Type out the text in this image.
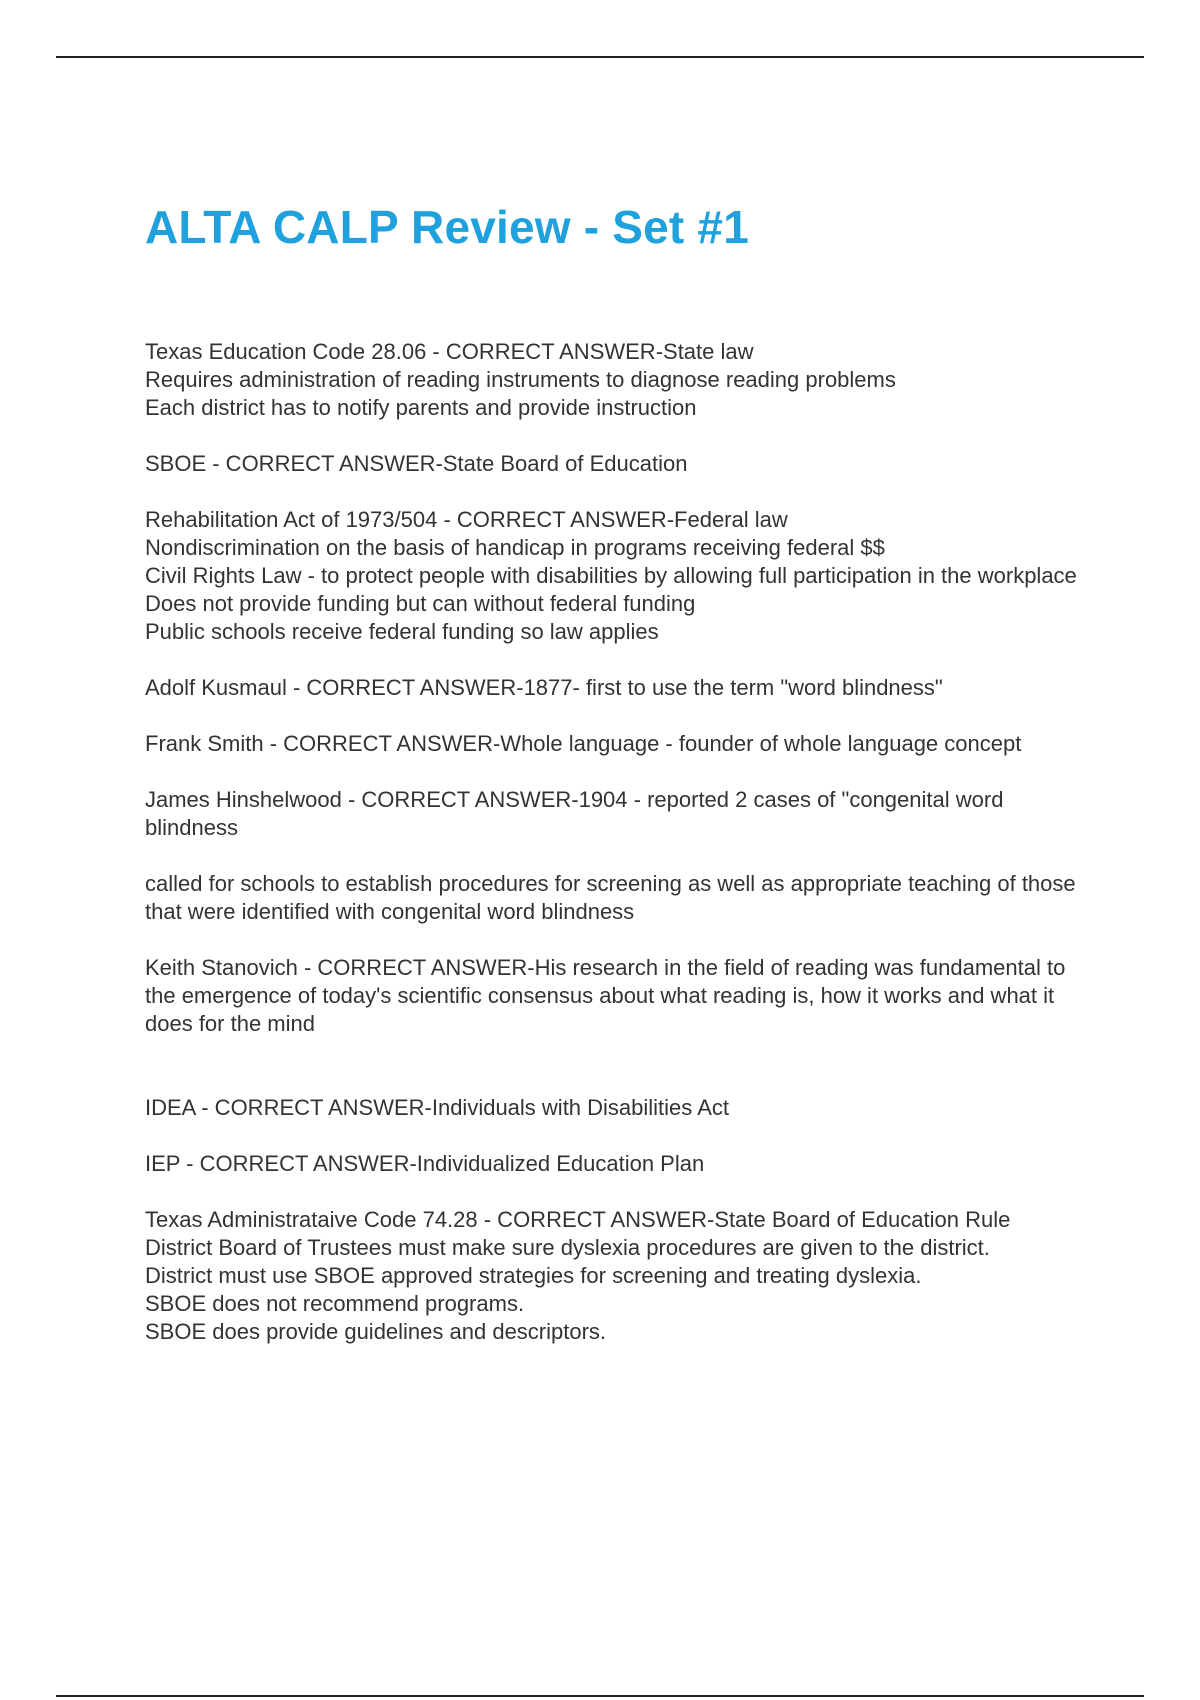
ALTA CALP Review - Set #1
Texas Education Code 28.06 - CORRECT ANSWER-State law
Requires administration of reading instruments to diagnose reading problems
Each district has to notify parents and provide instruction
SBOE - CORRECT ANSWER-State Board of Education
Rehabilitation Act of 1973/504 - CORRECT ANSWER-Federal law
Nondiscrimination on the basis of handicap in programs receiving federal $$
Civil Rights Law - to protect people with disabilities by allowing full participation in the workplace
Does not provide funding but can without federal funding
Public schools receive federal funding so law applies
Adolf Kusmaul - CORRECT ANSWER-1877- first to use the term "word blindness"
Frank Smith - CORRECT ANSWER-Whole language - founder of whole language concept
James Hinshelwood - CORRECT ANSWER-1904 - reported 2 cases of "congenital word blindness
called for schools to establish procedures for screening as well as appropriate teaching of those that were identified with congenital word blindness
Keith Stanovich - CORRECT ANSWER-His research in the field of reading was fundamental to the emergence of today's scientific consensus about what reading is, how it works and what it does for the mind
IDEA - CORRECT ANSWER-Individuals with Disabilities Act
IEP - CORRECT ANSWER-Individualized Education Plan
Texas Administrataive Code 74.28 - CORRECT ANSWER-State Board of Education Rule
District Board of Trustees must make sure dyslexia procedures are given to the district.
District must use SBOE approved strategies for screening and treating dyslexia.
SBOE does not recommend programs.
SBOE does provide guidelines and descriptors.
